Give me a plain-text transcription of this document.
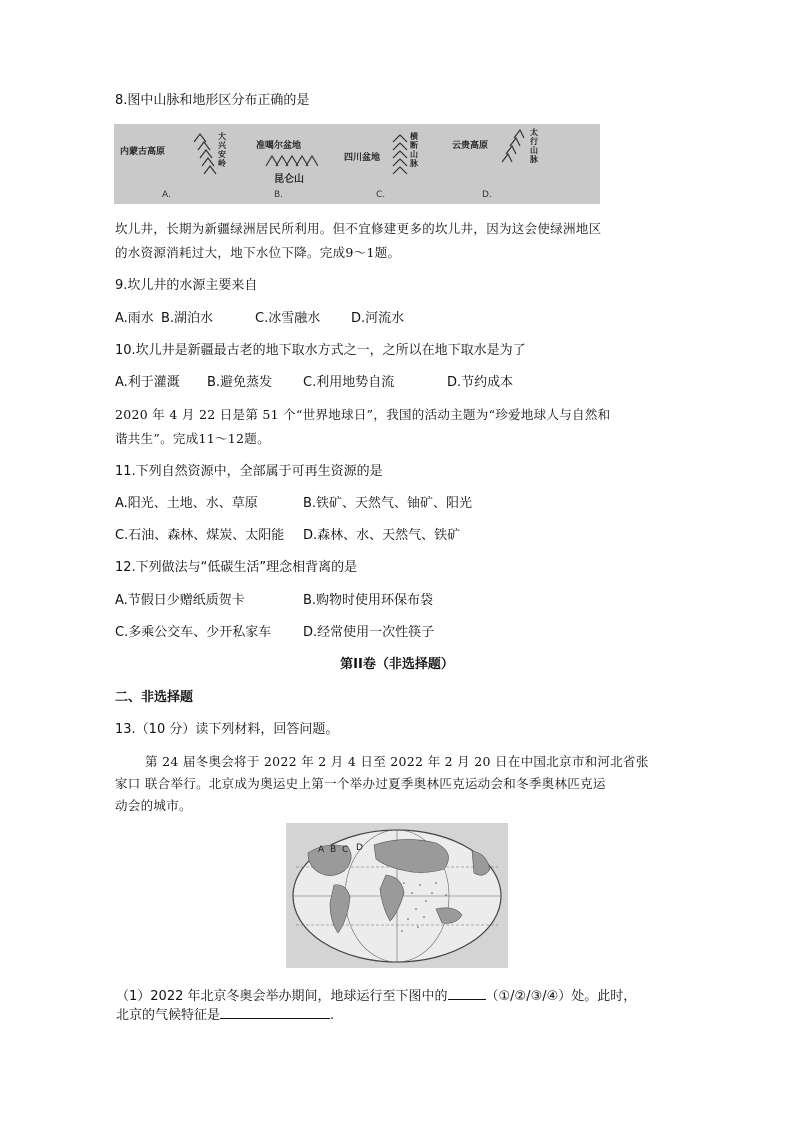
8.图中山脉和地形区分布正确的是
内蒙古高原
大兴安岭
A.
准噶尔盆地
昆仑山
B.
四川盆地
横断山脉
C.
云贵高原
太行山脉
D.
坎儿井，长期为新疆绿洲居民所利用。但不宜修建更多的坎儿井，因为这会使绿洲地区
的水资源消耗过大，地下水位下降。完成9～1题。
9.坎儿井的水源主要来自
A.雨水 B.湖泊水	C.冰雪融水 D.河流水
10.坎儿井是新疆最古老的地下取水方式之一，之所以在地下取水是为了
A.利于灌溉 B.避免蒸发 C.利用地势自流	D.节约成本
2020 年 4 月 22 日是第 51 个“世界地球日”，我国的活动主题为“珍爱地球人与自然和
谐共生”。完成11～12题。
11.下列自然资源中，全部属于可再生资源的是
A.阳光、土地、水、草原	B.铁矿、天然气、铀矿、阳光
C.石油、森林、煤炭、太阳能 D.森林、水、天然气、铁矿
12.下列做法与“低碳生活”理念相背离的是
A.节假日少赠纸质贺卡	B.购物时使用环保布袋
C.多乘公交车、少开私家车 D.经常使用一次性筷子
第II卷（非选择题）
二、非选择题
13.（10 分）读下列材料，回答问题。
第 24 届冬奥会将于 2022 年 2 月 4 日至 2022 年 2 月 20 日在中国北京市和河北省张
家口 联合举行。北京成为奥运史上第一个举办过夏季奥林匹克运动会和冬季奥林匹克运
动会的城市。
A B C D
（1）2022 年北京冬奥会举办期间，地球运行至下图中的	（①/②/③/④）处。此时，
北京的气候特征是	.
